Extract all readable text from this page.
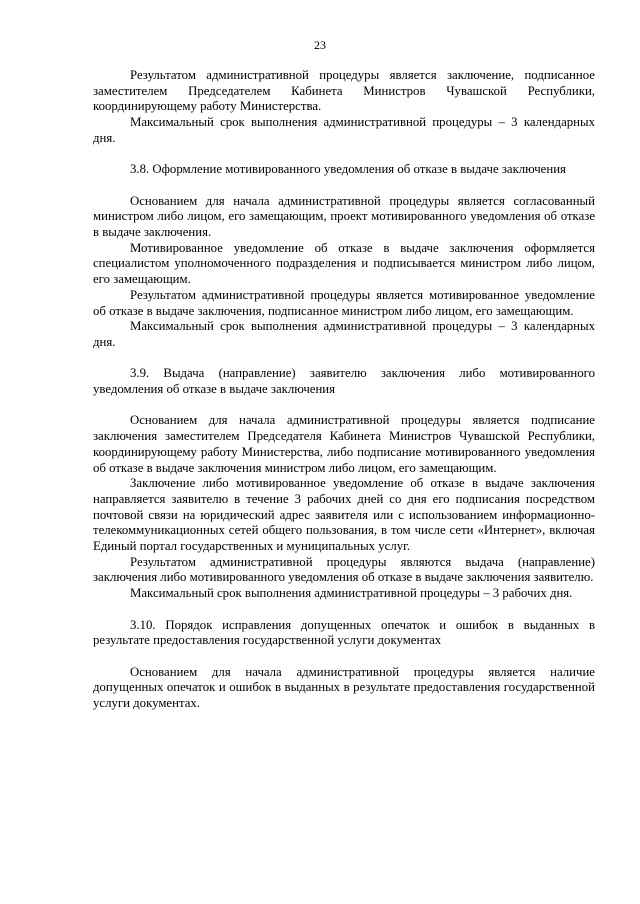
23

Результатом административной процедуры является заключение, подписанное заместителем Председателем Кабинета Министров Чувашской Республики, координирующему работу Министерства.

Максимальный срок выполнения административной процедуры – 3 календарных дня.

3.8. Оформление мотивированного уведомления об отказе в выдаче заключения

Основанием для начала административной процедуры является согласованный министром либо лицом, его замещающим, проект мотивированного уведомления об отказе в выдаче заключения.

Мотивированное уведомление об отказе в выдаче заключения оформляется специалистом уполномоченного подразделения и подписывается министром либо лицом, его замещающим.

Результатом административной процедуры является мотивированное уведомление об отказе в выдаче заключения, подписанное министром либо лицом, его замещающим.

Максимальный срок выполнения административной процедуры – 3 календарных дня.

3.9. Выдача (направление) заявителю заключения либо мотивированного уведомления об отказе в выдаче заключения

Основанием для начала административной процедуры является подписание заключения заместителем Председателя Кабинета Министров Чувашской Республики, координирующему работу Министерства, либо подписание мотивированного уведомления об отказе в выдаче заключения министром либо лицом, его замещающим.

Заключение либо мотивированное уведомление об отказе в выдаче заключения направляется заявителю в течение 3 рабочих дней со дня его подписания посредством почтовой связи на юридический адрес заявителя или с использованием информационно-телекоммуникационных сетей общего пользования, в том числе сети «Интернет», включая Единый портал государственных и муниципальных услуг.

Результатом административной процедуры являются выдача (направление) заключения либо мотивированного уведомления об отказе в выдаче заключения заявителю.

Максимальный срок выполнения административной процедуры – 3 рабочих дня.

3.10. Порядок исправления допущенных опечаток и ошибок в выданных в результате предоставления государственной услуги документах

Основанием для начала административной процедуры является наличие допущенных опечаток и ошибок в выданных в результате предоставления государственной услуги документах.
